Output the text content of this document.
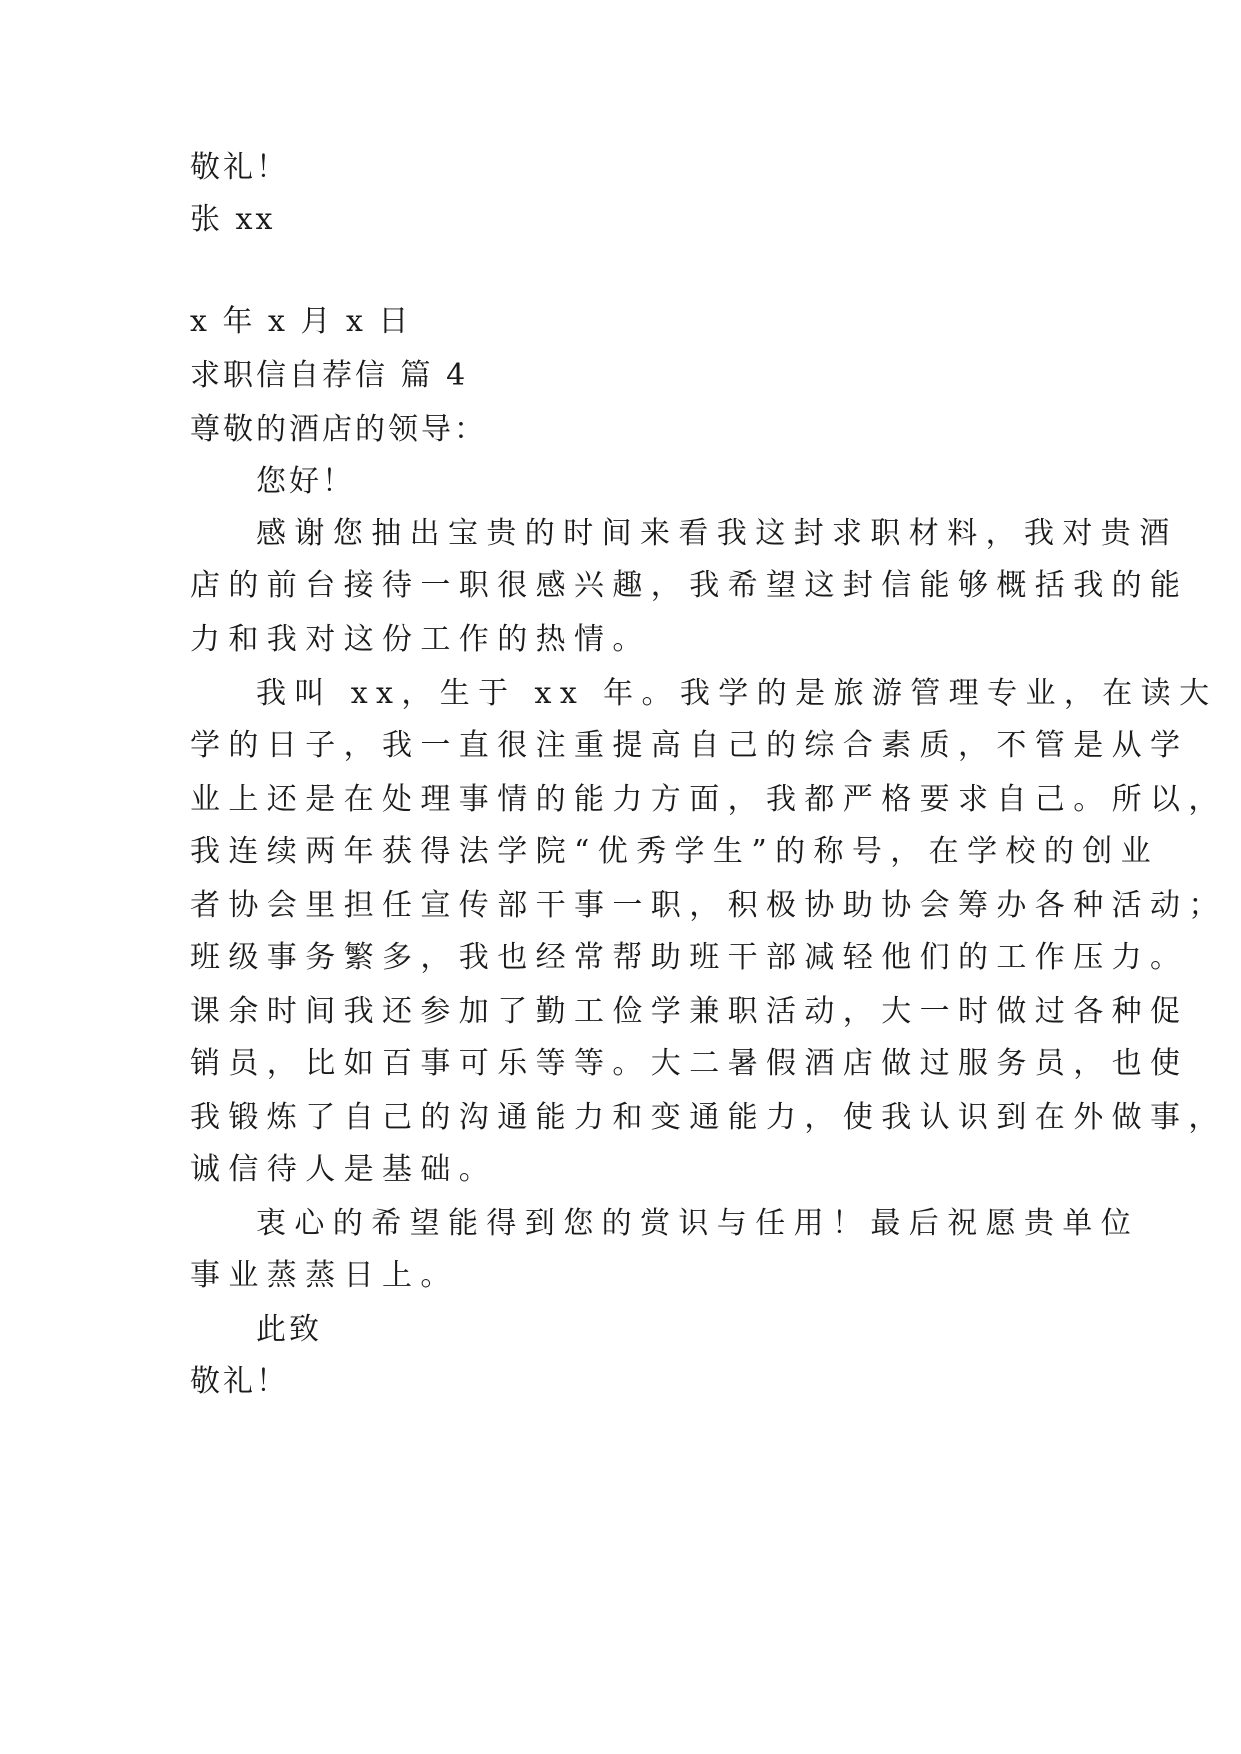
敬礼！
张 xx
x 年 x 月 x 日
求职信自荐信 篇 4
尊敬的酒店的领导：
您好！
感谢您抽出宝贵的时间来看我这封求职材料，我对贵酒
店的前台接待一职很感兴趣，我希望这封信能够概括我的能
力和我对这份工作的热情。
我叫 xx，生于 xx 年。我学的是旅游管理专业，在读大
学的日子，我一直很注重提高自己的综合素质，不管是从学
业上还是在处理事情的能力方面，我都严格要求自己。所以，
我连续两年获得法学院“优秀学生”的称号，在学校的创业
者协会里担任宣传部干事一职，积极协助协会筹办各种活动；
班级事务繁多，我也经常帮助班干部减轻他们的工作压力。
课余时间我还参加了勤工俭学兼职活动，大一时做过各种促
销员，比如百事可乐等等。大二暑假酒店做过服务员，也使
我锻炼了自己的沟通能力和变通能力，使我认识到在外做事，
诚信待人是基础。
衷心的希望能得到您的赏识与任用！最后祝愿贵单位
事业蒸蒸日上。
此致
敬礼！
